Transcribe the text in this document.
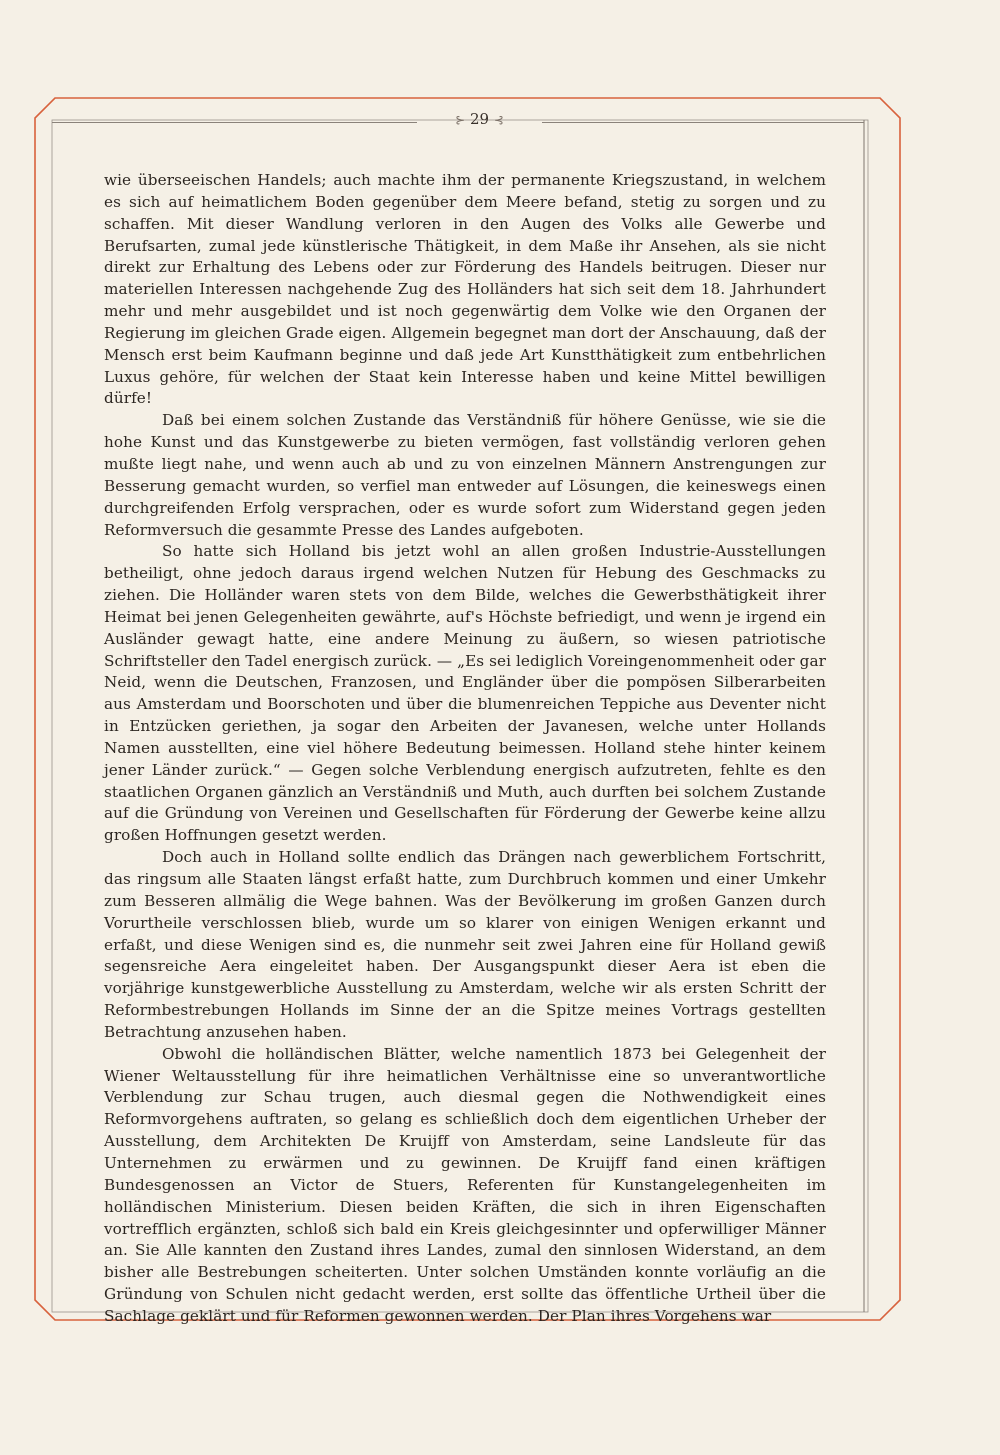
⊱ 29 ⊰

wie überseeischen Handels; auch machte ihm der permanente Kriegszustand, in welchem es sich auf heimatlichem Boden gegenüber dem Meere befand, stetig zu sorgen und zu schaffen. Mit dieser Wandlung verloren in den Augen des Volks alle Gewerbe und Berufsarten, zumal jede künstlerische Thätigkeit, in dem Maße ihr Ansehen, als sie nicht direkt zur Erhaltung des Lebens oder zur Förderung des Handels beitrugen. Dieser nur materiellen Interessen nachgehende Zug des Holländers hat sich seit dem 18. Jahrhundert mehr und mehr ausgebildet und ist noch gegenwärtig dem Volke wie den Organen der Regierung im gleichen Grade eigen. Allgemein begegnet man dort der Anschauung, daß der Mensch erst beim Kaufmann beginne und daß jede Art Kunstthätigkeit zum entbehrlichen Luxus gehöre, für welchen der Staat kein Interesse haben und keine Mittel bewilligen dürfe!

Daß bei einem solchen Zustande das Verständniß für höhere Genüsse, wie sie die hohe Kunst und das Kunstgewerbe zu bieten vermögen, fast vollständig verloren gehen mußte liegt nahe, und wenn auch ab und zu von einzelnen Männern Anstrengungen zur Besserung gemacht wurden, so verfiel man entweder auf Lösungen, die keineswegs einen durchgreifenden Erfolg versprachen, oder es wurde sofort zum Widerstand gegen jeden Reformversuch die gesammte Presse des Landes aufgeboten.

So hatte sich Holland bis jetzt wohl an allen großen Industrie-Ausstellungen betheiligt, ohne jedoch daraus irgend welchen Nutzen für Hebung des Geschmacks zu ziehen. Die Holländer waren stets von dem Bilde, welches die Gewerbsthätigkeit ihrer Heimat bei jenen Gelegenheiten gewährte, auf's Höchste befriedigt, und wenn je irgend ein Ausländer gewagt hatte, eine andere Meinung zu äußern, so wiesen patriotische Schriftsteller den Tadel energisch zurück. — „Es sei lediglich Voreingenommenheit oder gar Neid, wenn die Deutschen, Franzosen, und Engländer über die pompösen Silberarbeiten aus Amsterdam und Boorschoten und über die blumenreichen Teppiche aus Deventer nicht in Entzücken geriethen, ja sogar den Arbeiten der Javanesen, welche unter Hollands Namen ausstellten, eine viel höhere Bedeutung beimessen. Holland stehe hinter keinem jener Länder zurück.“ — Gegen solche Verblendung energisch aufzutreten, fehlte es den staatlichen Organen gänzlich an Verständniß und Muth, auch durften bei solchem Zustande auf die Gründung von Vereinen und Gesellschaften für Förderung der Gewerbe keine allzu großen Hoffnungen gesetzt werden.

Doch auch in Holland sollte endlich das Drängen nach gewerblichem Fortschritt, das ringsum alle Staaten längst erfaßt hatte, zum Durchbruch kommen und einer Umkehr zum Besseren allmälig die Wege bahnen. Was der Bevölkerung im großen Ganzen durch Vorurtheile verschlossen blieb, wurde um so klarer von einigen Wenigen erkannt und erfaßt, und diese Wenigen sind es, die nunmehr seit zwei Jahren eine für Holland gewiß segensreiche Aera eingeleitet haben. Der Ausgangspunkt dieser Aera ist eben die vorjährige kunstgewerbliche Ausstellung zu Amsterdam, welche wir als ersten Schritt der Reformbestrebungen Hollands im Sinne der an die Spitze meines Vortrags gestellten Betrachtung anzusehen haben.

Obwohl die holländischen Blätter, welche namentlich 1873 bei Gelegenheit der Wiener Weltausstellung für ihre heimatlichen Verhältnisse eine so unverantwortliche Verblendung zur Schau trugen, auch diesmal gegen die Nothwendigkeit eines Reformvorgehens auftraten, so gelang es schließlich doch dem eigentlichen Urheber der Ausstellung, dem Architekten De Kruijff von Amsterdam, seine Landsleute für das Unternehmen zu erwärmen und zu gewinnen. De Kruijff fand einen kräftigen Bundesgenossen an Victor de Stuers, Referenten für Kunstangelegenheiten im holländischen Ministerium. Diesen beiden Kräften, die sich in ihren Eigenschaften vortrefflich ergänzten, schloß sich bald ein Kreis gleichgesinnter und opferwilliger Männer an. Sie Alle kannten den Zustand ihres Landes, zumal den sinnlosen Widerstand, an dem bisher alle Bestrebungen scheiterten. Unter solchen Umständen konnte vorläufig an die Gründung von Schulen nicht gedacht werden, erst sollte das öffentliche Urtheil über die Sachlage geklärt und für Reformen gewonnen werden. Der Plan ihres Vorgehens war
